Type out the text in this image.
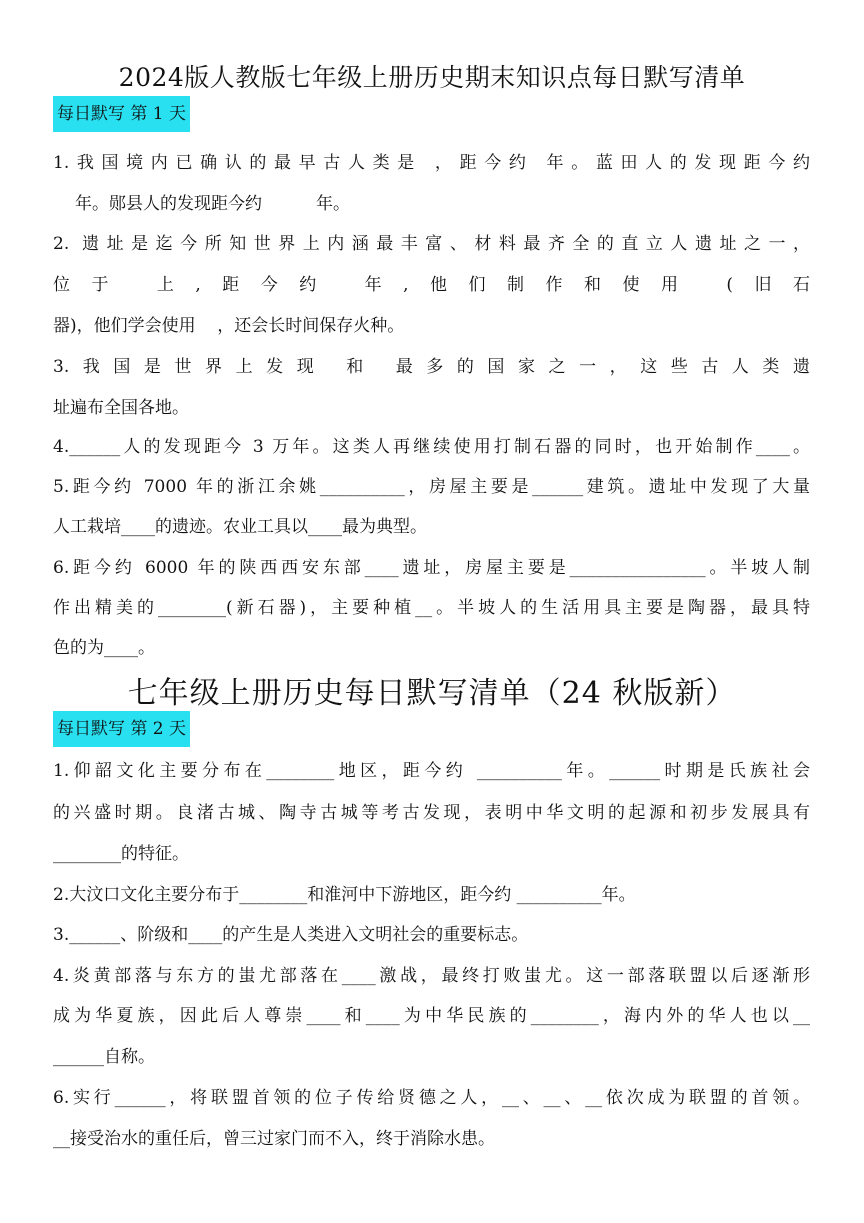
2024版人教版七年级上册历史期末知识点每日默写清单
每日默写 第 1 天
1.我国境内已确认的最早古人类是 ，距今约 年。蓝田人的发现距今约
年。郧县人的发现距今约          年。
2. 遗址是迄今所知世界上内涵最丰富、材料最齐全的直立人遗址之一，
位于 上,距今约 年,他们制作和使用 (旧石
器)，他们学会使用    ，还会长时间保存火种。
3.我国是世界上发现 和 最多的国家之一，这些古人类遗
址遍布全国各地。
4.______人的发现距今 3 万年。这类人再继续使用打制石器的同时，也开始制作____。
5.距今约 7000 年的浙江余姚__________，房屋主要是______建筑。遗址中发现了大量
人工栽培____的遗迹。农业工具以____最为典型。
6.距今约 6000 年的陕西西安东部____遗址，房屋主要是________________。半坡人制
作出精美的________(新石器)，主要种植__。半坡人的生活用具主要是陶器，最具特
色的为____。
七年级上册历史每日默写清单（24 秋版新）
每日默写 第 2 天
1.仰韶文化主要分布在________地区，距今约 __________年。______时期是氏族社会
的兴盛时期。良渚古城、陶寺古城等考古发现，表明中华文明的起源和初步发展具有
________的特征。
2.大汶口文化主要分布于________和淮河中下游地区，距今约 __________年。
3.______、阶级和____的产生是人类进入文明社会的重要标志。
4.炎黄部落与东方的蚩尤部落在____激战，最终打败蚩尤。这一部落联盟以后逐渐形
成为华夏族，因此后人尊崇____和____为中华民族的________，海内外的华人也以__
______自称。
6.实行______，将联盟首领的位子传给贤德之人，__、__、__依次成为联盟的首领。
__接受治水的重任后，曾三过家门而不入，终于消除水患。
